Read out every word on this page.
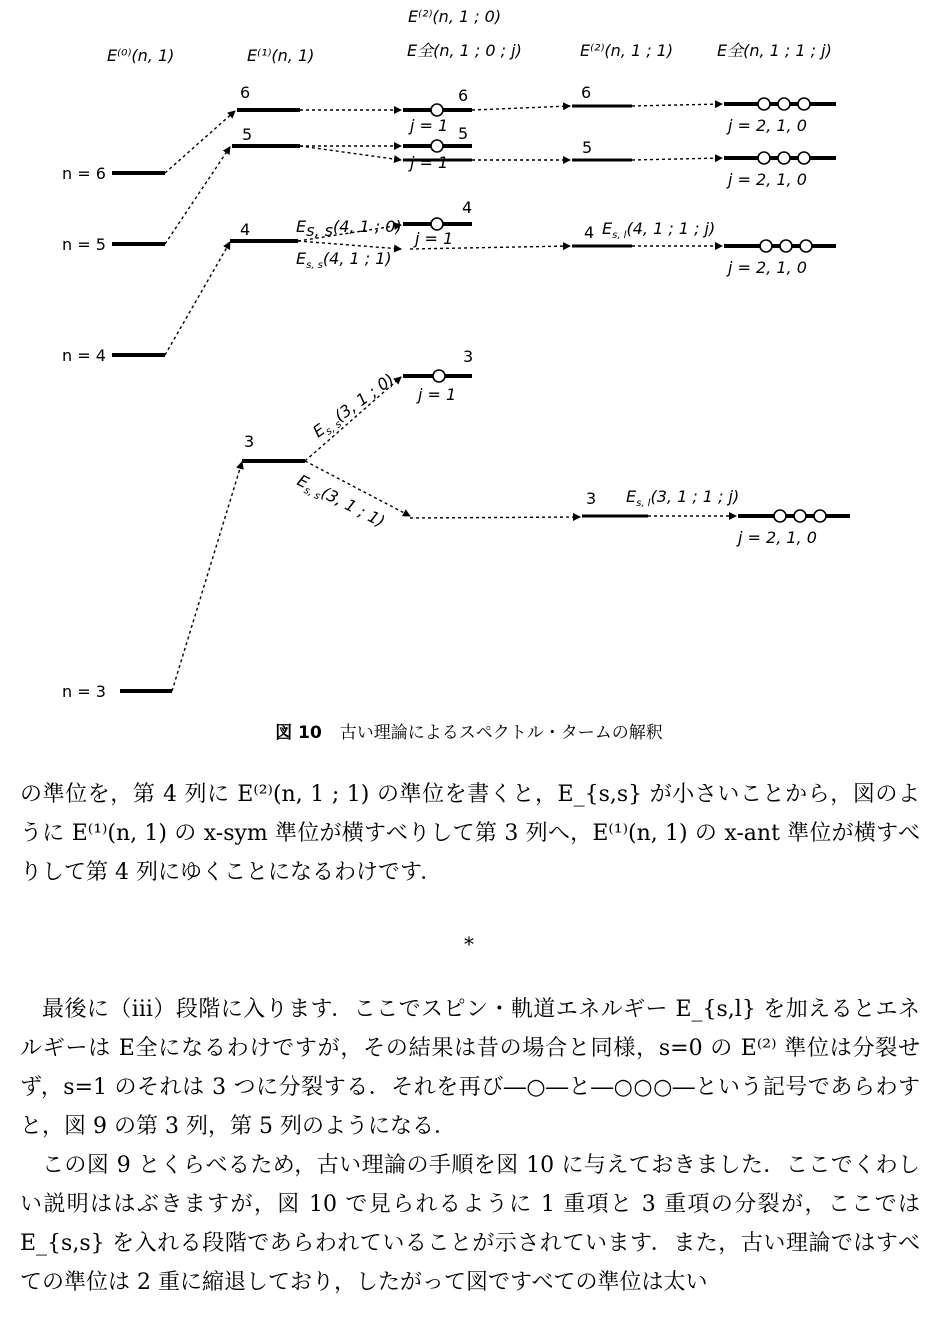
E⁽⁰⁾(n, 1)	E⁽¹⁾(n, 1)
E⁽²⁾(n, 1 ; 0)
E全(n, 1 ; 0 ; j)	E⁽²⁾(n, 1 ; 1)	E全(n, 1 ; 1 ; j)
n = 6
n = 5
n = 4
n = 3
6
5
4
3
6
j = 1 5
j = 1
4
j = 1
3
j = 1
Es, s(4, 1 ; 0)
$E_{s, s}(4$, 1 ; 1)
$E_{s, s}(3$, 1 ; 0)
$E_{s, s}(3$, 1 ; 1)
6
5
4
3
$E_{s, l}(4$, 1 ; 1 ; j)
$E_{s, l}(3$, 1 ; 1 ; j)
j = 2, 1, 0
j = 2, 1, 0
j = 2, 1, 0
j = 2, 1, 0
図 10 古い理論によるスペクトル・タームの解釈

の準位を，第 4 列に E⁽²⁾(n, 1 ; 1) の準位を書くと，E_{s,s} が小さいことから，図のように E⁽¹⁾(n, 1) の x-sym 準位が横すべりして第 3 列へ，E⁽¹⁾(n, 1) の x-ant 準位が横すべりして第 4 列にゆくことになるわけです．

*

最後に（iii）段階に入ります．ここでスピン・軌道エネルギー E_{s,l} を加えるとエネルギーは E全になるわけですが，その結果は昔の場合と同様，s=0 の E⁽²⁾ 準位は分裂せず，s=1 のそれは 3 つに分裂する．それを再び―○―と―○○○―という記号であらわすと，図 9 の第 3 列，第 5 列のようになる．

この図 9 とくらべるため，古い理論の手順を図 10 に与えておきました．ここでくわしい説明ははぶきますが，図 10 で見られるように 1 重項と 3 重項の分裂が，ここでは E_{s,s} を入れる段階であらわれていることが示されています．また，古い理論ではすべての準位は 2 重に縮退しており，したがって図ですべての準位は太い
